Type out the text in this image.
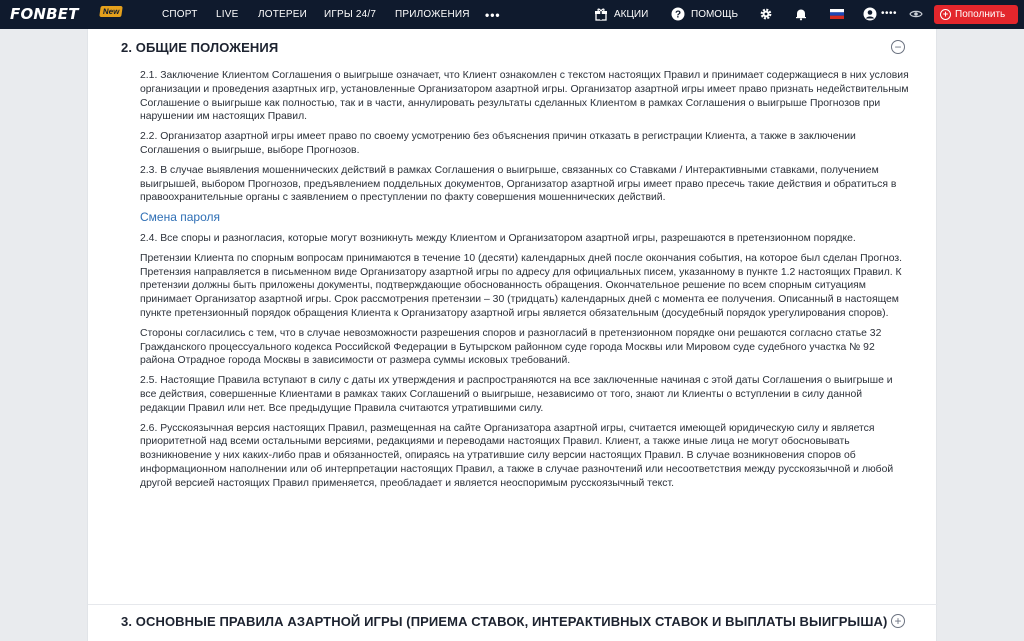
FONBET	New	СПОРТ LIVE ЛОТЕРЕИ ИГРЫ 24/7 ПРИЛОЖЕНИЯ •••	АКЦИИ	? ПОМОЩЬ	••••	+ Пополнить
2. ОБЩИЕ ПОЛОЖЕНИЯ	−

2.1. Заключение Клиентом Соглашения о выигрыше означает, что Клиент ознакомлен с текстом настоящих Правил и принимает содержащиеся в них условия организации и проведения азартных игр, установленные Организатором азартной игры. Организатор азартной игры имеет право признать недействительным Соглашение о выигрыше как полностью, так и в части, аннулировать результаты сделанных Клиентом в рамках Соглашения о выигрыше Прогнозов при нарушении им настоящих Правил.

2.2. Организатор азартной игры имеет право по своему усмотрению без объяснения причин отказать в регистрации Клиента, а также в заключении Соглашения о выигрыше, выборе Прогнозов.

2.3. В случае выявления мошеннических действий в рамках Соглашения о выигрыше, связанных со Ставками / Интерактивными ставками, получением выигрышей, выбором Прогнозов, предъявлением поддельных документов, Организатор азартной игры имеет право пресечь такие действия и обратиться в правоохранительные органы с заявлением о преступлении по факту совершения мошеннических действий.

Смена пароля

2.4. Все споры и разногласия, которые могут возникнуть между Клиентом и Организатором азартной игры, разрешаются в претензионном порядке.

Претензии Клиента по спорным вопросам принимаются в течение 10 (десяти) календарных дней после окончания события, на которое был сделан Прогноз. Претензия направляется в письменном виде Организатору азартной игры по адресу для официальных писем, указанному в пункте 1.2 настоящих Правил. К претензии должны быть приложены документы, подтверждающие обоснованность обращения. Окончательное решение по всем спорным ситуациям принимает Организатор азартной игры. Срок рассмотрения претензии – 30 (тридцать) календарных дней с момента ее получения. Описанный в настоящем пункте претензионный порядок обращения Клиента к Организатору азартной игры является обязательным (досудебный порядок урегулирования споров).

Стороны согласились с тем, что в случае невозможности разрешения споров и разногласий в претензионном порядке они решаются согласно статье 32 Гражданского процессуального кодекса Российской Федерации в Бутырском районном суде города Москвы или Мировом суде судебного участка № 92 района Отрадное города Москвы в зависимости от размера суммы исковых требований.

2.5. Настоящие Правила вступают в силу с даты их утверждения и распространяются на все заключенные начиная с этой даты Соглашения о выигрыше и все действия, совершенные Клиентами в рамках таких Соглашений о выигрыше, независимо от того, знают ли Клиенты о вступлении в силу данной редакции Правил или нет. Все предыдущие Правила считаются утратившими силу.

2.6. Русскоязычная версия настоящих Правил, размещенная на сайте Организатора азартной игры, считается имеющей юридическую силу и является приоритетной над всеми остальными версиями, редакциями и переводами настоящих Правил. Клиент, а также иные лица не могут обосновывать возникновение у них каких-либо прав и обязанностей, опираясь на утратившие силу версии настоящих Правил. В случае возникновения споров об информационном наполнении или об интерпретации настоящих Правил, а также в случае разночтений или несоответствия между русскоязычной и любой другой версией настоящих Правил применяется, преобладает и является неоспоримым русскоязычный текст.

3. ОСНОВНЫЕ ПРАВИЛА АЗАРТНОЙ ИГРЫ (ПРИЕМА СТАВОК, ИНТЕРАКТИВНЫХ СТАВОК И ВЫПЛАТЫ ВЫИГРЫША) +
